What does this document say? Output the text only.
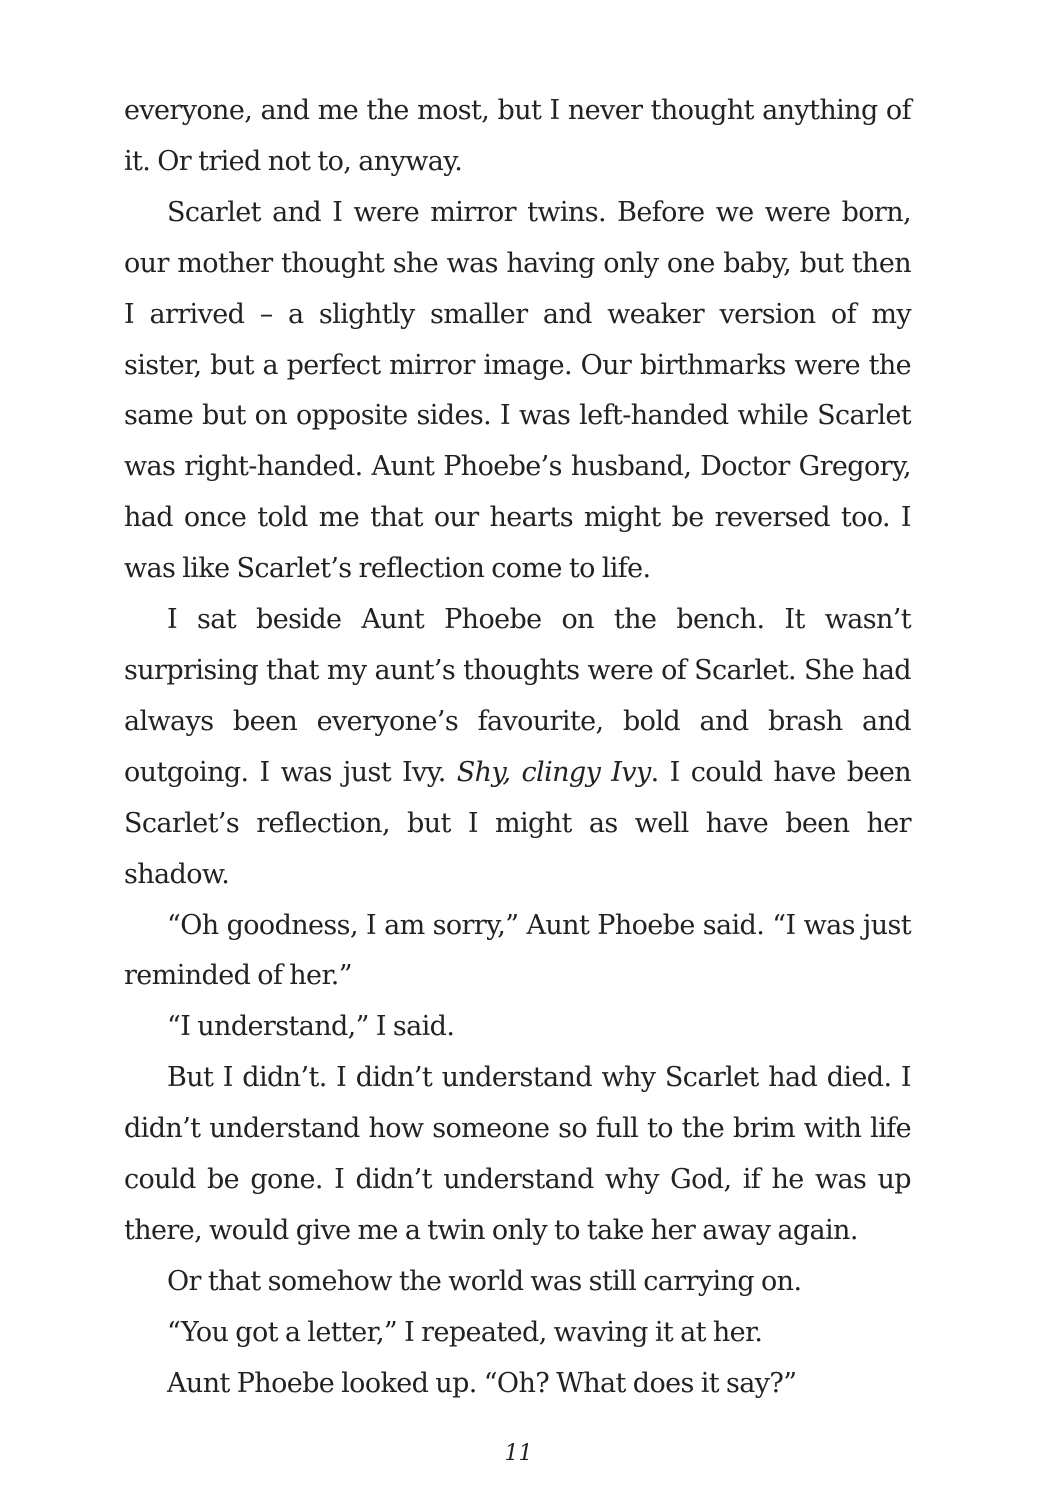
everyone, and me the most, but I never thought anything of it. Or tried not to, anyway.

Scarlet and I were mirror twins. Before we were born, our mother thought she was having only one baby, but then I arrived – a slightly smaller and weaker version of my sister, but a perfect mirror image. Our birthmarks were the same but on opposite sides. I was left-handed while Scarlet was right-handed. Aunt Phoebe’s husband, Doctor Gregory, had once told me that our hearts might be reversed too. I was like Scarlet’s reflection come to life.

I sat beside Aunt Phoebe on the bench. It wasn’t surprising that my aunt’s thoughts were of Scarlet. She had always been everyone’s favourite, bold and brash and outgoing. I was just Ivy. Shy, clingy Ivy. I could have been Scarlet’s reflection, but I might as well have been her shadow.

“Oh goodness, I am sorry,” Aunt Phoebe said. “I was just reminded of her.”

“I understand,” I said.

But I didn’t. I didn’t understand why Scarlet had died. I didn’t understand how someone so full to the brim with life could be gone. I didn’t understand why God, if he was up there, would give me a twin only to take her away again.

Or that somehow the world was still carrying on.

“You got a letter,” I repeated, waving it at her.

Aunt Phoebe looked up. “Oh? What does it say?”

11
